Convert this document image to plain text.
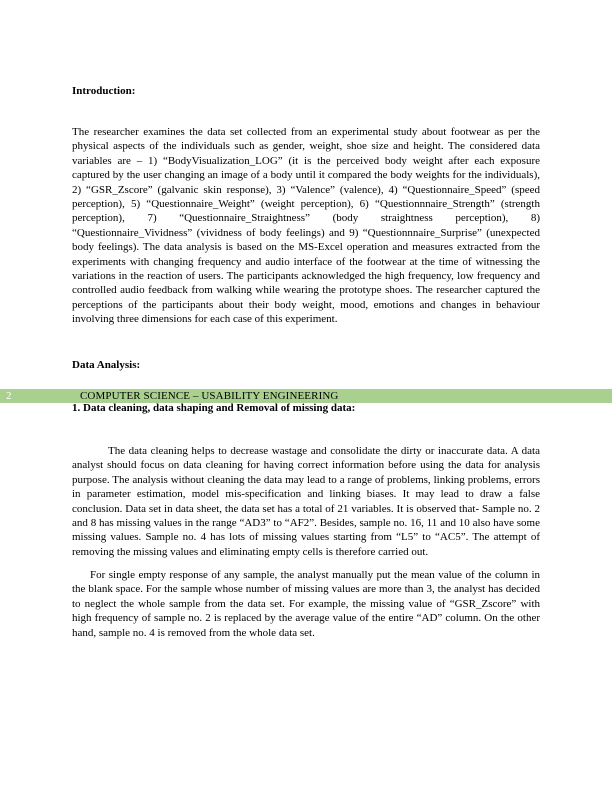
Introduction:

The researcher examines the data set collected from an experimental study about footwear as per the physical aspects of the individuals such as gender, weight, shoe size and height. The considered data variables are – 1) “BodyVisualization_LOG” (it is the perceived body weight after each exposure captured by the user changing an image of a body until it compared the body weights for the individuals), 2) “GSR_Zscore” (galvanic skin response), 3) “Valence” (valence), 4) “Questionnaire_Speed” (speed perception), 5) “Questionnaire_Weight” (weight perception), 6) “Questionnnaire_Strength” (strength perception), 7) “Questionnaire_Straightness” (body straightness perception), 8) “Questionnaire_Vividness” (vividness of body feelings) and 9) “Questionnnaire_Surprise” (unexpected body feelings). The data analysis is based on the MS-Excel operation and measures extracted from the experiments with changing frequency and audio interface of the footwear at the time of witnessing the variations in the reaction of users. The participants acknowledged the high frequency, low frequency and controlled audio feedback from walking while wearing the prototype shoes. The researcher captured the perceptions of the participants about their body weight, mood, emotions and changes in behaviour involving three dimensions for each case of this experiment.

Data Analysis:
2	COMPUTER SCIENCE – USABILITY ENGINEERING
1. Data cleaning, data shaping and Removal of missing data:

The data cleaning helps to decrease wastage and consolidate the dirty or inaccurate data. A data analyst should focus on data cleaning for having correct information before using the data for analysis purpose. The analysis without cleaning the data may lead to a range of problems, linking problems, errors in parameter estimation, model mis-specification and linking biases. It may lead to draw a false conclusion. Data set in data sheet, the data set has a total of 21 variables. It is observed that- Sample no. 2 and 8 has missing values in the range “AD3” to “AF2”. Besides, sample no. 16, 11 and 10 also have some missing values. Sample no. 4 has lots of missing values starting from “L5” to “AC5”. The attempt of removing the missing values and eliminating empty cells is therefore carried out.

For single empty response of any sample, the analyst manually put the mean value of the column in the blank space. For the sample whose number of missing values are more than 3, the analyst has decided to neglect the whole sample from the data set. For example, the missing value of “GSR_Zscore” with high frequency of sample no. 2 is replaced by the average value of the entire “AD” column. On the other hand, sample no. 4 is removed from the whole data set.
